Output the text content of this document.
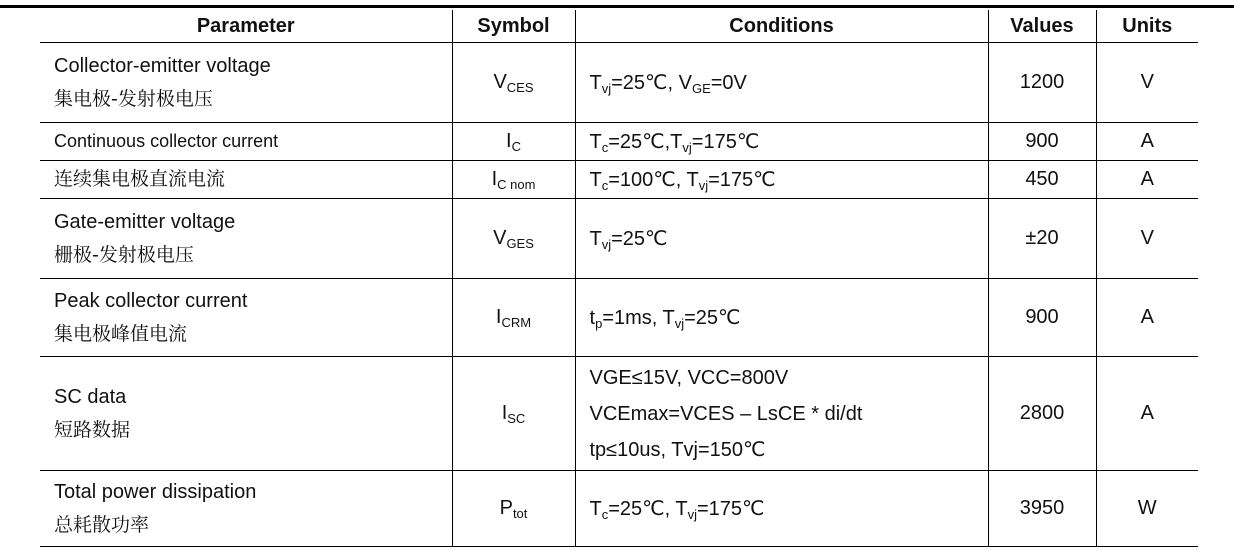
Parameter	Symbol	Conditions	Values	Units

Collector-emitter voltage
集电极-发射极电压	$V_{CES}$	$T_{vj}=25℃$, $V_{GE}=0V$	1200	V
Continuous collector current	$I_C$	$T_c=25℃,T_{vj}=175℃$	900	A

连续集电极直流电流	$I_{C nom}$	$T_c=100℃$, $T_{vj}=175℃$	450	A

Gate-emitter voltage
栅极-发射极电压	$V_{GES}$	$T_{vj}=25℃$	±20	V

Peak collector current
集电极峰值电流	$I_{CRM}$	$t_p=1ms$, $T_{vj}=25℃$	900	A

SC data
短路数据	$I_{SC}$	VGE≤15V, VCC=800V
VCEmax=VCES – LsCE * di/dt
tp≤10us, Tvj=150℃	2800	A

Total power dissipation
总耗散功率	$P_{tot}$	$T_c=25℃$, $T_{vj}=175℃$	3950	W
